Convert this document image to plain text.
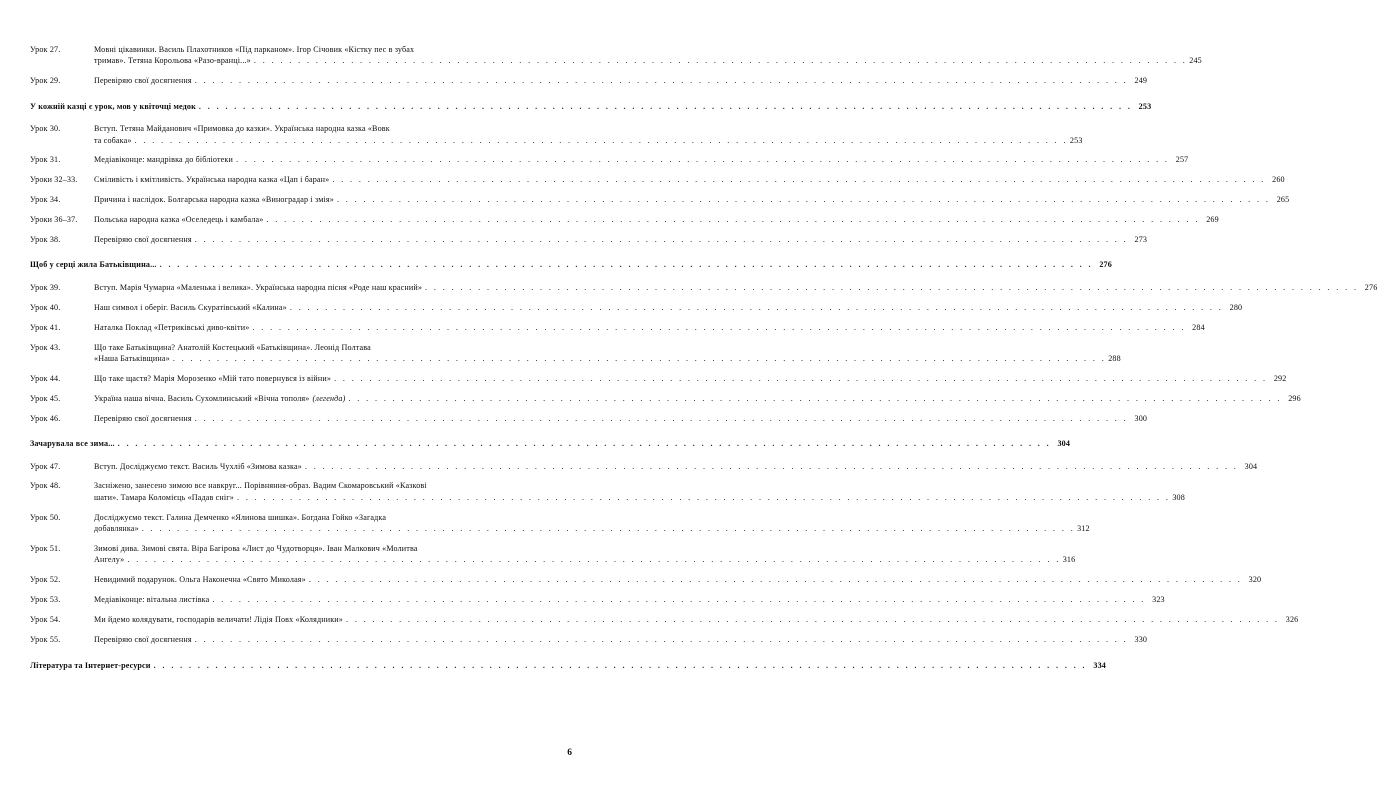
Урок 27.	Мовні цікавинки. Василь Плахотников «Під парканом». Ігор Січовик «Кістку пес в зубах
тримав». Тетяна Корольова «Разо-вранці...» . . . . . . . . . . . . . . . . . . . . . . . . . . . . . . . . . . . . . . . . . . . . . . . . . . . . . . . . . . . . . . . . . . . . . . . . . . . . . . . . . . . . . . . . . . . . . . . . . . . . . . . . . . 245
Урок 29.	Перевіряю свої досягнення . . . . . . . . . . . . . . . . . . . . . . . . . . . . . . . . . . . . . . . . . . . . . . . . . . . . . . . . . . . . . . . . . . . . . . . . . . . . . . . . . . . . . . . . . . . . . . . . . . . . . . . . . . 249
У кожній казці є урок, мов у квіточці медок . . . . . . . . . . . . . . . . . . . . . . . . . . . . . . . . . . . . . . . . . . . . . . . . . . . . . . . . . . . . . . . . . . . . . . . . . . . . . . . . . . . . . . . . . . . . . . . . . . . . . . . . . . 253
Урок 30.	Вступ. Тетяна Майданович «Примовка до казки». Українська народна казка «Вовк
та собака» . . . . . . . . . . . . . . . . . . . . . . . . . . . . . . . . . . . . . . . . . . . . . . . . . . . . . . . . . . . . . . . . . . . . . . . . . . . . . . . . . . . . . . . . . . . . . . . . . . . . . . . . . . 253
Урок 31.	Медіавіконце: мандрівка до бібліотеки . . . . . . . . . . . . . . . . . . . . . . . . . . . . . . . . . . . . . . . . . . . . . . . . . . . . . . . . . . . . . . . . . . . . . . . . . . . . . . . . . . . . . . . . . . . . . . . . . . . . . . . . . . 257
Уроки 32–33. Сміливість і кмітливість. Українська народна казка «Цап і баран» . . . . . . . . . . . . . . . . . . . . . . . . . . . . . . . . . . . . . . . . . . . . . . . . . . . . . . . . . . . . . . . . . . . . . . . . . . . . . . . . . . . . . . . . . . . . . . . . . . . . . . . . . . 260
Урок 34.	Причина і наслідок. Болгарська народна казка «Виноградар і змія» . . . . . . . . . . . . . . . . . . . . . . . . . . . . . . . . . . . . . . . . . . . . . . . . . . . . . . . . . . . . . . . . . . . . . . . . . . . . . . . . . . . . . . . . . . . . . . . . . . . . . . . . . . 265
Уроки 36–37. Польська народна казка «Оселедець і камбала» . . . . . . . . . . . . . . . . . . . . . . . . . . . . . . . . . . . . . . . . . . . . . . . . . . . . . . . . . . . . . . . . . . . . . . . . . . . . . . . . . . . . . . . . . . . . . . . . . . . . . . . . . . 269
Урок 38.	Перевіряю свої досягнення . . . . . . . . . . . . . . . . . . . . . . . . . . . . . . . . . . . . . . . . . . . . . . . . . . . . . . . . . . . . . . . . . . . . . . . . . . . . . . . . . . . . . . . . . . . . . . . . . . . . . . . . . . 273
Щоб у серці жила Батьківщина... . . . . . . . . . . . . . . . . . . . . . . . . . . . . . . . . . . . . . . . . . . . . . . . . . . . . . . . . . . . . . . . . . . . . . . . . . . . . . . . . . . . . . . . . . . . . . . . . . . . . . . . . . . 276
Урок 39.	Вступ. Марія Чумарна «Маленька і велика». Українська народна пісня «Роде наш красний» . . . . . . . . . . . . . . . . . . . . . . . . . . . . . . . . . . . . . . . . . . . . . . . . . . . . . . . . . . . . . . . . . . . . . . . . . . . . . . . . . . . . . . . . . . . . . . . . . . . . . . . . . . 276
Урок 40.	Наш символ і оберіг. Василь Скуратівський «Калина» . . . . . . . . . . . . . . . . . . . . . . . . . . . . . . . . . . . . . . . . . . . . . . . . . . . . . . . . . . . . . . . . . . . . . . . . . . . . . . . . . . . . . . . . . . . . . . . . . . . . . . . . . . 280
Урок 41.	Наталка Поклад «Петриківські диво-квіти» . . . . . . . . . . . . . . . . . . . . . . . . . . . . . . . . . . . . . . . . . . . . . . . . . . . . . . . . . . . . . . . . . . . . . . . . . . . . . . . . . . . . . . . . . . . . . . . . . . . . . . . . . . 284
Урок 43.	Що таке Батьківщина? Анатолій Костецький «Батьківщина». Леонід Полтава
«Наша Батьківщина» . . . . . . . . . . . . . . . . . . . . . . . . . . . . . . . . . . . . . . . . . . . . . . . . . . . . . . . . . . . . . . . . . . . . . . . . . . . . . . . . . . . . . . . . . . . . . . . . . . . . . . . . . . 288
Урок 44.	Що таке щастя? Марія Морозенко «Мій тато повернувся із війни» . . . . . . . . . . . . . . . . . . . . . . . . . . . . . . . . . . . . . . . . . . . . . . . . . . . . . . . . . . . . . . . . . . . . . . . . . . . . . . . . . . . . . . . . . . . . . . . . . . . . . . . . . . 292
Урок 45.	Україна наша вічна. Василь Сухомлинський «Вічна тополя» (легенда) . . . . . . . . . . . . . . . . . . . . . . . . . . . . . . . . . . . . . . . . . . . . . . . . . . . . . . . . . . . . . . . . . . . . . . . . . . . . . . . . . . . . . . . . . . . . . . . . . . . . . . . . . . 296
Урок 46.	Перевіряю свої досягнення . . . . . . . . . . . . . . . . . . . . . . . . . . . . . . . . . . . . . . . . . . . . . . . . . . . . . . . . . . . . . . . . . . . . . . . . . . . . . . . . . . . . . . . . . . . . . . . . . . . . . . . . . . 300
Зачарувала все зима... . . . . . . . . . . . . . . . . . . . . . . . . . . . . . . . . . . . . . . . . . . . . . . . . . . . . . . . . . . . . . . . . . . . . . . . . . . . . . . . . . . . . . . . . . . . . . . . . . . . . . . . . . . 304
Урок 47.	Вступ. Досліджуємо текст. Василь Чухліб «Зимова казка» . . . . . . . . . . . . . . . . . . . . . . . . . . . . . . . . . . . . . . . . . . . . . . . . . . . . . . . . . . . . . . . . . . . . . . . . . . . . . . . . . . . . . . . . . . . . . . . . . . . . . . . . . . 304
Урок 48.	Засніжено, занесено зимою все навкруг... Порівняння-образ. Вадим Скомаровський «Казкові
шати». Тамара Коломієць «Падав сніг» . . . . . . . . . . . . . . . . . . . . . . . . . . . . . . . . . . . . . . . . . . . . . . . . . . . . . . . . . . . . . . . . . . . . . . . . . . . . . . . . . . . . . . . . . . . . . . . . . . . . . . . . . . 308
Урок 50.	Досліджуємо текст. Галина Демченко «Ялинова шишка». Богдана Гойко «Загадка
добавлянка» . . . . . . . . . . . . . . . . . . . . . . . . . . . . . . . . . . . . . . . . . . . . . . . . . . . . . . . . . . . . . . . . . . . . . . . . . . . . . . . . . . . . . . . . . . . . . . . . . . . . . . . . . . 312
Урок 51.	Зимові дива. Зимові свята. Віра Багірова «Лист до Чудотворця». Іван Малкович «Молитва
Ангелу» . . . . . . . . . . . . . . . . . . . . . . . . . . . . . . . . . . . . . . . . . . . . . . . . . . . . . . . . . . . . . . . . . . . . . . . . . . . . . . . . . . . . . . . . . . . . . . . . . . . . . . . . . . 316
Урок 52.	Невидимий подарунок. Ольга Наконечна «Свято Миколая» . . . . . . . . . . . . . . . . . . . . . . . . . . . . . . . . . . . . . . . . . . . . . . . . . . . . . . . . . . . . . . . . . . . . . . . . . . . . . . . . . . . . . . . . . . . . . . . . . . . . . . . . . . 320
Урок 53.	Медіавіконце: вітальна листівка . . . . . . . . . . . . . . . . . . . . . . . . . . . . . . . . . . . . . . . . . . . . . . . . . . . . . . . . . . . . . . . . . . . . . . . . . . . . . . . . . . . . . . . . . . . . . . . . . . . . . . . . . . 323
Урок 54.	Ми йдемо колядувати, господарів величати! Лідія Повх «Колядники» . . . . . . . . . . . . . . . . . . . . . . . . . . . . . . . . . . . . . . . . . . . . . . . . . . . . . . . . . . . . . . . . . . . . . . . . . . . . . . . . . . . . . . . . . . . . . . . . . . . . . . . . . . 326
Урок 55.	Перевіряю свої досягнення . . . . . . . . . . . . . . . . . . . . . . . . . . . . . . . . . . . . . . . . . . . . . . . . . . . . . . . . . . . . . . . . . . . . . . . . . . . . . . . . . . . . . . . . . . . . . . . . . . . . . . . . . . 330
Література та Інтернет-ресурси . . . . . . . . . . . . . . . . . . . . . . . . . . . . . . . . . . . . . . . . . . . . . . . . . . . . . . . . . . . . . . . . . . . . . . . . . . . . . . . . . . . . . . . . . . . . . . . . . . . . . . . . . . 334
6
